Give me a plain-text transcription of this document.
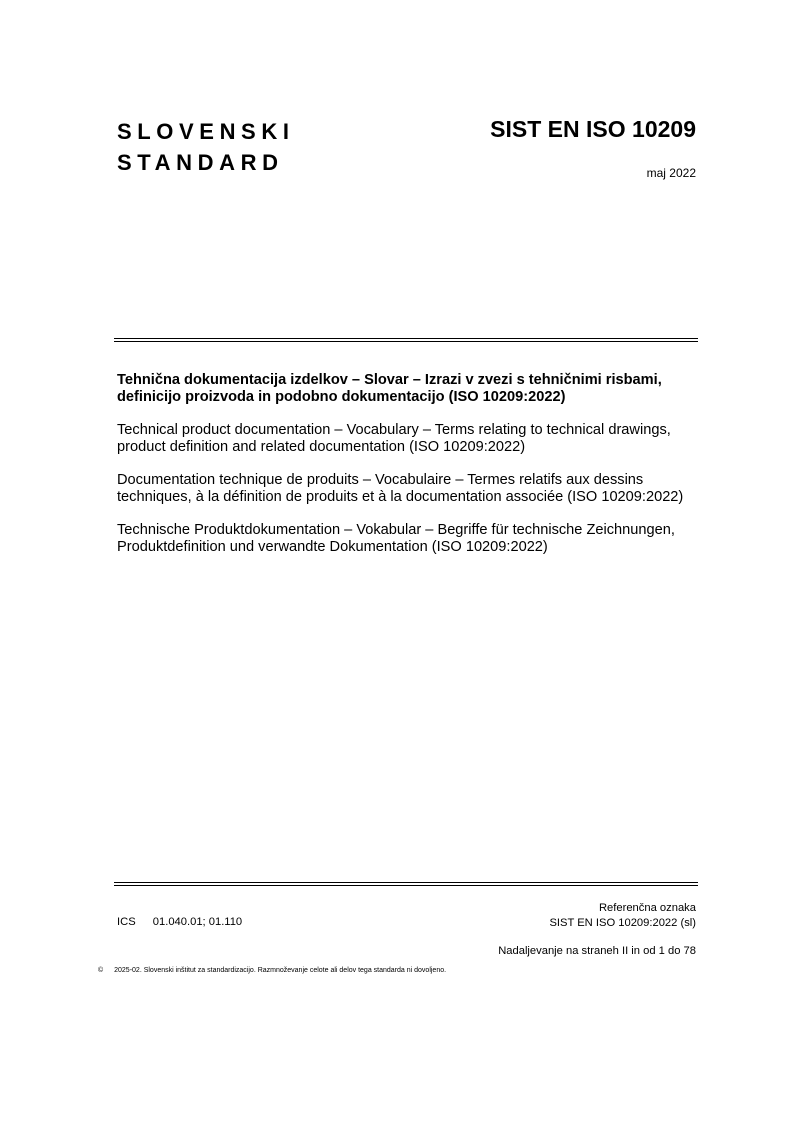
SLOVENSKI
STANDARD
SIST EN ISO 10209
maj 2022

Tehnična dokumentacija izdelkov – Slovar – Izrazi v zvezi s tehničnimi risbami, definicijo proizvoda in podobno dokumentacijo (ISO 10209:2022)

Technical product documentation – Vocabulary – Terms relating to technical drawings, product definition and related documentation (ISO 10209:2022)

Documentation technique de produits – Vocabulaire – Termes relatifs aux dessins techniques, à la définition de produits et à la documentation associée (ISO 10209:2022)

Technische Produktdokumentation – Vokabular – Begriffe für technische Zeichnungen, Produktdefinition und verwandte Dokumentation (ISO 10209:2022)

ICS 01.040.01; 01.110
Referenčna oznaka
SIST EN ISO 10209:2022 (sl)
Nadaljevanje na straneh II in od 1 do 78
© 2025-02. Slovenski inštitut za standardizacijo. Razmnoževanje celote ali delov tega standarda ni dovoljeno.
